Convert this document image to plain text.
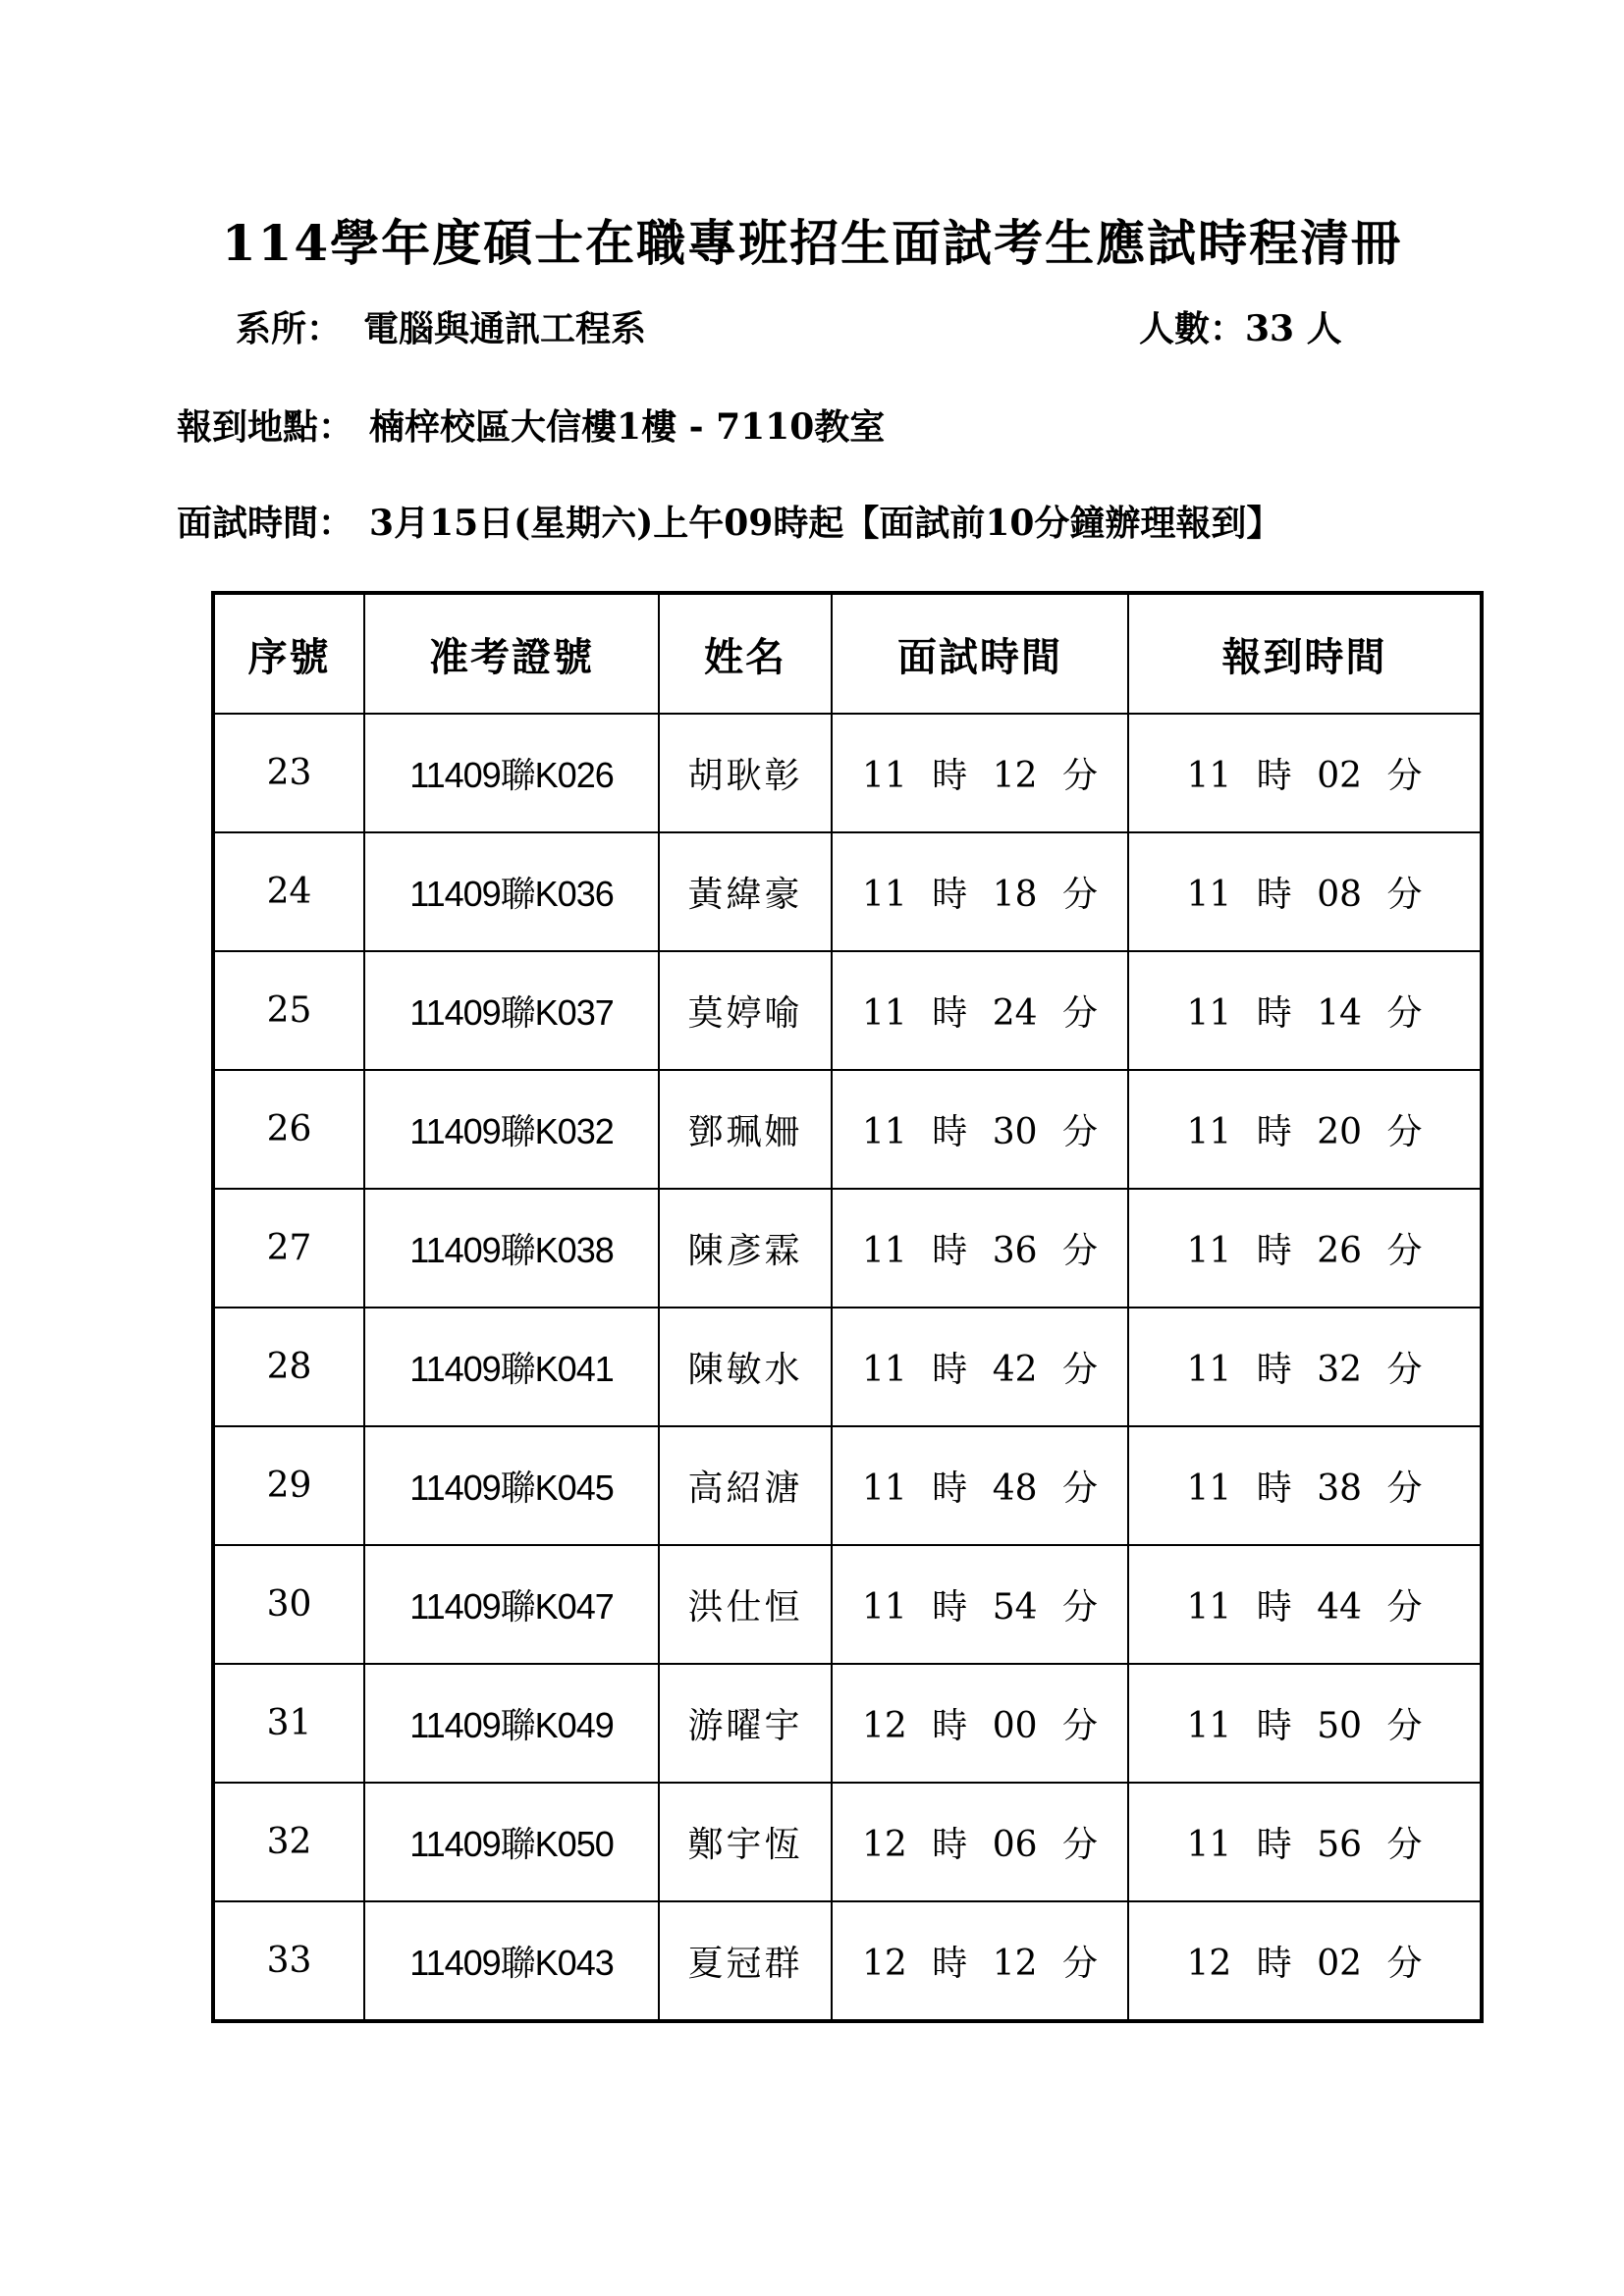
114學年度碩士在職專班招生面試考生應試時程清冊
系所： 電腦與通訊工程系	人數：33 人
報到地點： 楠梓校區大信樓1樓 - 7110教室
面試時間： 3月15日(星期六)上午09時起【面試前10分鐘辦理報到】
序號	准考證號	姓名	面試時間	報到時間
23	11409聯K026	胡耿彰	11 時 12 分	11 時 02 分
24	11409聯K036	黃緯豪	11 時 18 分	11 時 08 分
25	11409聯K037	莫婷喻	11 時 24 分	11 時 14 分
26	11409聯K032	鄧珮姍	11 時 30 分	11 時 20 分
27	11409聯K038	陳彥霖	11 時 36 分	11 時 26 分
28	11409聯K041	陳敏水	11 時 42 分	11 時 32 分
29	11409聯K045	高紹溏	11 時 48 分	11 時 38 分
30	11409聯K047	洪仕恒	11 時 54 分	11 時 44 分
31	11409聯K049	游曜宇	12 時 00 分	11 時 50 分
32	11409聯K050	鄭宇恆	12 時 06 分	11 時 56 分
33	11409聯K043	夏冠群	12 時 12 分	12 時 02 分
